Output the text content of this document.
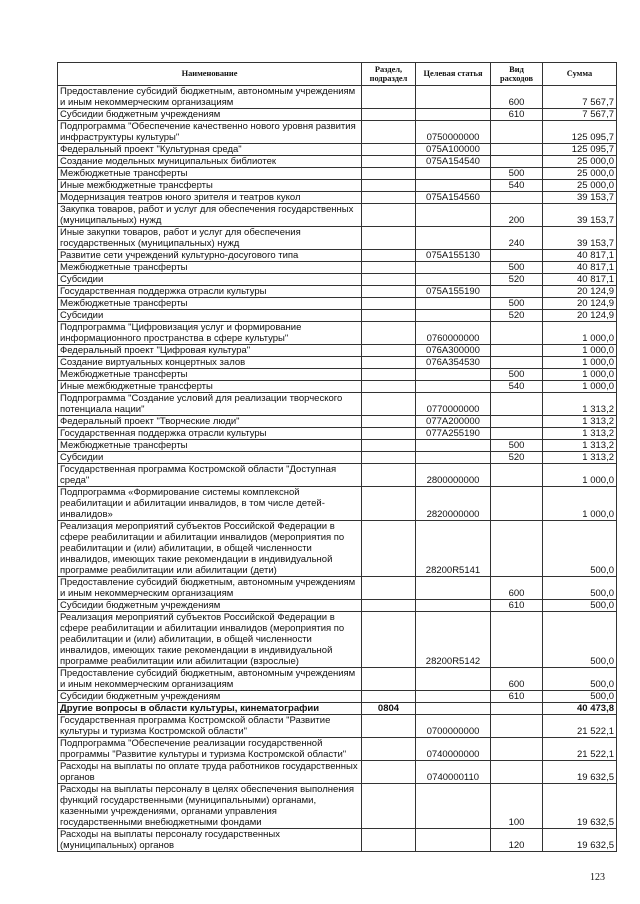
Наименование	Раздел, подраздел	Целевая статья	Вид расходов	Сумма
Предоставление субсидий бюджетным, автономным учреждениям и иным некоммерческим организациям			600	7 567,7
Субсидии бюджетным учреждениям			610	7 567,7
Подпрограмма "Обеспечение качественно нового уровня развития инфраструктуры культуры"		0750000000		125 095,7
Федеральный проект "Культурная среда"		075A100000		125 095,7
Создание модельных муниципальных библиотек		075A154540		25 000,0
Межбюджетные трансферты			500	25 000,0
Иные межбюджетные трансферты			540	25 000,0
Модернизация театров юного зрителя и театров кукол		075A154560		39 153,7
Закупка товаров, работ и услуг для обеспечения государственных (муниципальных) нужд			200	39 153,7
Иные закупки товаров, работ и услуг для обеспечения государственных (муниципальных) нужд			240	39 153,7
Развитие сети учреждений культурно-досугового типа		075A155130		40 817,1
Межбюджетные трансферты			500	40 817,1
Субсидии			520	40 817,1
Государственная поддержка отрасли культуры		075A155190		20 124,9
Межбюджетные трансферты			500	20 124,9
Субсидии			520	20 124,9
Подпрограмма "Цифровизация услуг и формирование информационного пространства в сфере культуры"		0760000000		1 000,0
Федеральный проект "Цифровая культура"		076A300000		1 000,0
Создание виртуальных концертных залов		076A354530		1 000,0
Межбюджетные трансферты			500	1 000,0
Иные межбюджетные трансферты			540	1 000,0
Подпрограмма "Создание условий для реализации творческого потенциала нации"		0770000000		1 313,2
Федеральный проект "Творческие люди"		077A200000		1 313,2
Государственная поддержка отрасли культуры		077A255190		1 313,2
Межбюджетные трансферты			500	1 313,2
Субсидии			520	1 313,2
Государственная программа Костромской области "Доступная среда"		2800000000		1 000,0
Подпрограмма «Формирование системы комплексной реабилитации и абилитации инвалидов, в том числе детей-инвалидов»		2820000000		1 000,0
Реализация мероприятий субъектов Российской Федерации в сфере реабилитации и абилитации инвалидов (мероприятия по реабилитации и (или) абилитации, в общей численности инвалидов, имеющих такие рекомендации в индивидуальной программе реабилитации или абилитации (дети)		28200R5141		500,0
Предоставление субсидий бюджетным, автономным учреждениям и иным некоммерческим организациям			600	500,0
Субсидии бюджетным учреждениям			610	500,0
Реализация мероприятий субъектов Российской Федерации в сфере реабилитации и абилитации инвалидов (мероприятия по реабилитации и (или) абилитации, в общей численности инвалидов, имеющих такие рекомендации в индивидуальной программе реабилитации или абилитации (взрослые)		28200R5142		500,0
Предоставление субсидий бюджетным, автономным учреждениям и иным некоммерческим организациям			600	500,0
Субсидии бюджетным учреждениям			610	500,0
Другие вопросы в области культуры, кинематографии	0804			40 473,8
Государственная программа Костромской области "Развитие культуры и туризма Костромской области"		0700000000		21 522,1
Подпрограмма "Обеспечение реализации государственной программы "Развитие культуры и туризма Костромской области"		0740000000		21 522,1
Расходы на выплаты по оплате труда работников государственных органов		0740000110		19 632,5
Расходы на выплаты персоналу в целях обеспечения выполнения функций государственными (муниципальными) органами, казенными учреждениями, органами управления государственными внебюджетными фондами			100	19 632,5
Расходы на выплаты персоналу государственных (муниципальных) органов			120	19 632,5
123
